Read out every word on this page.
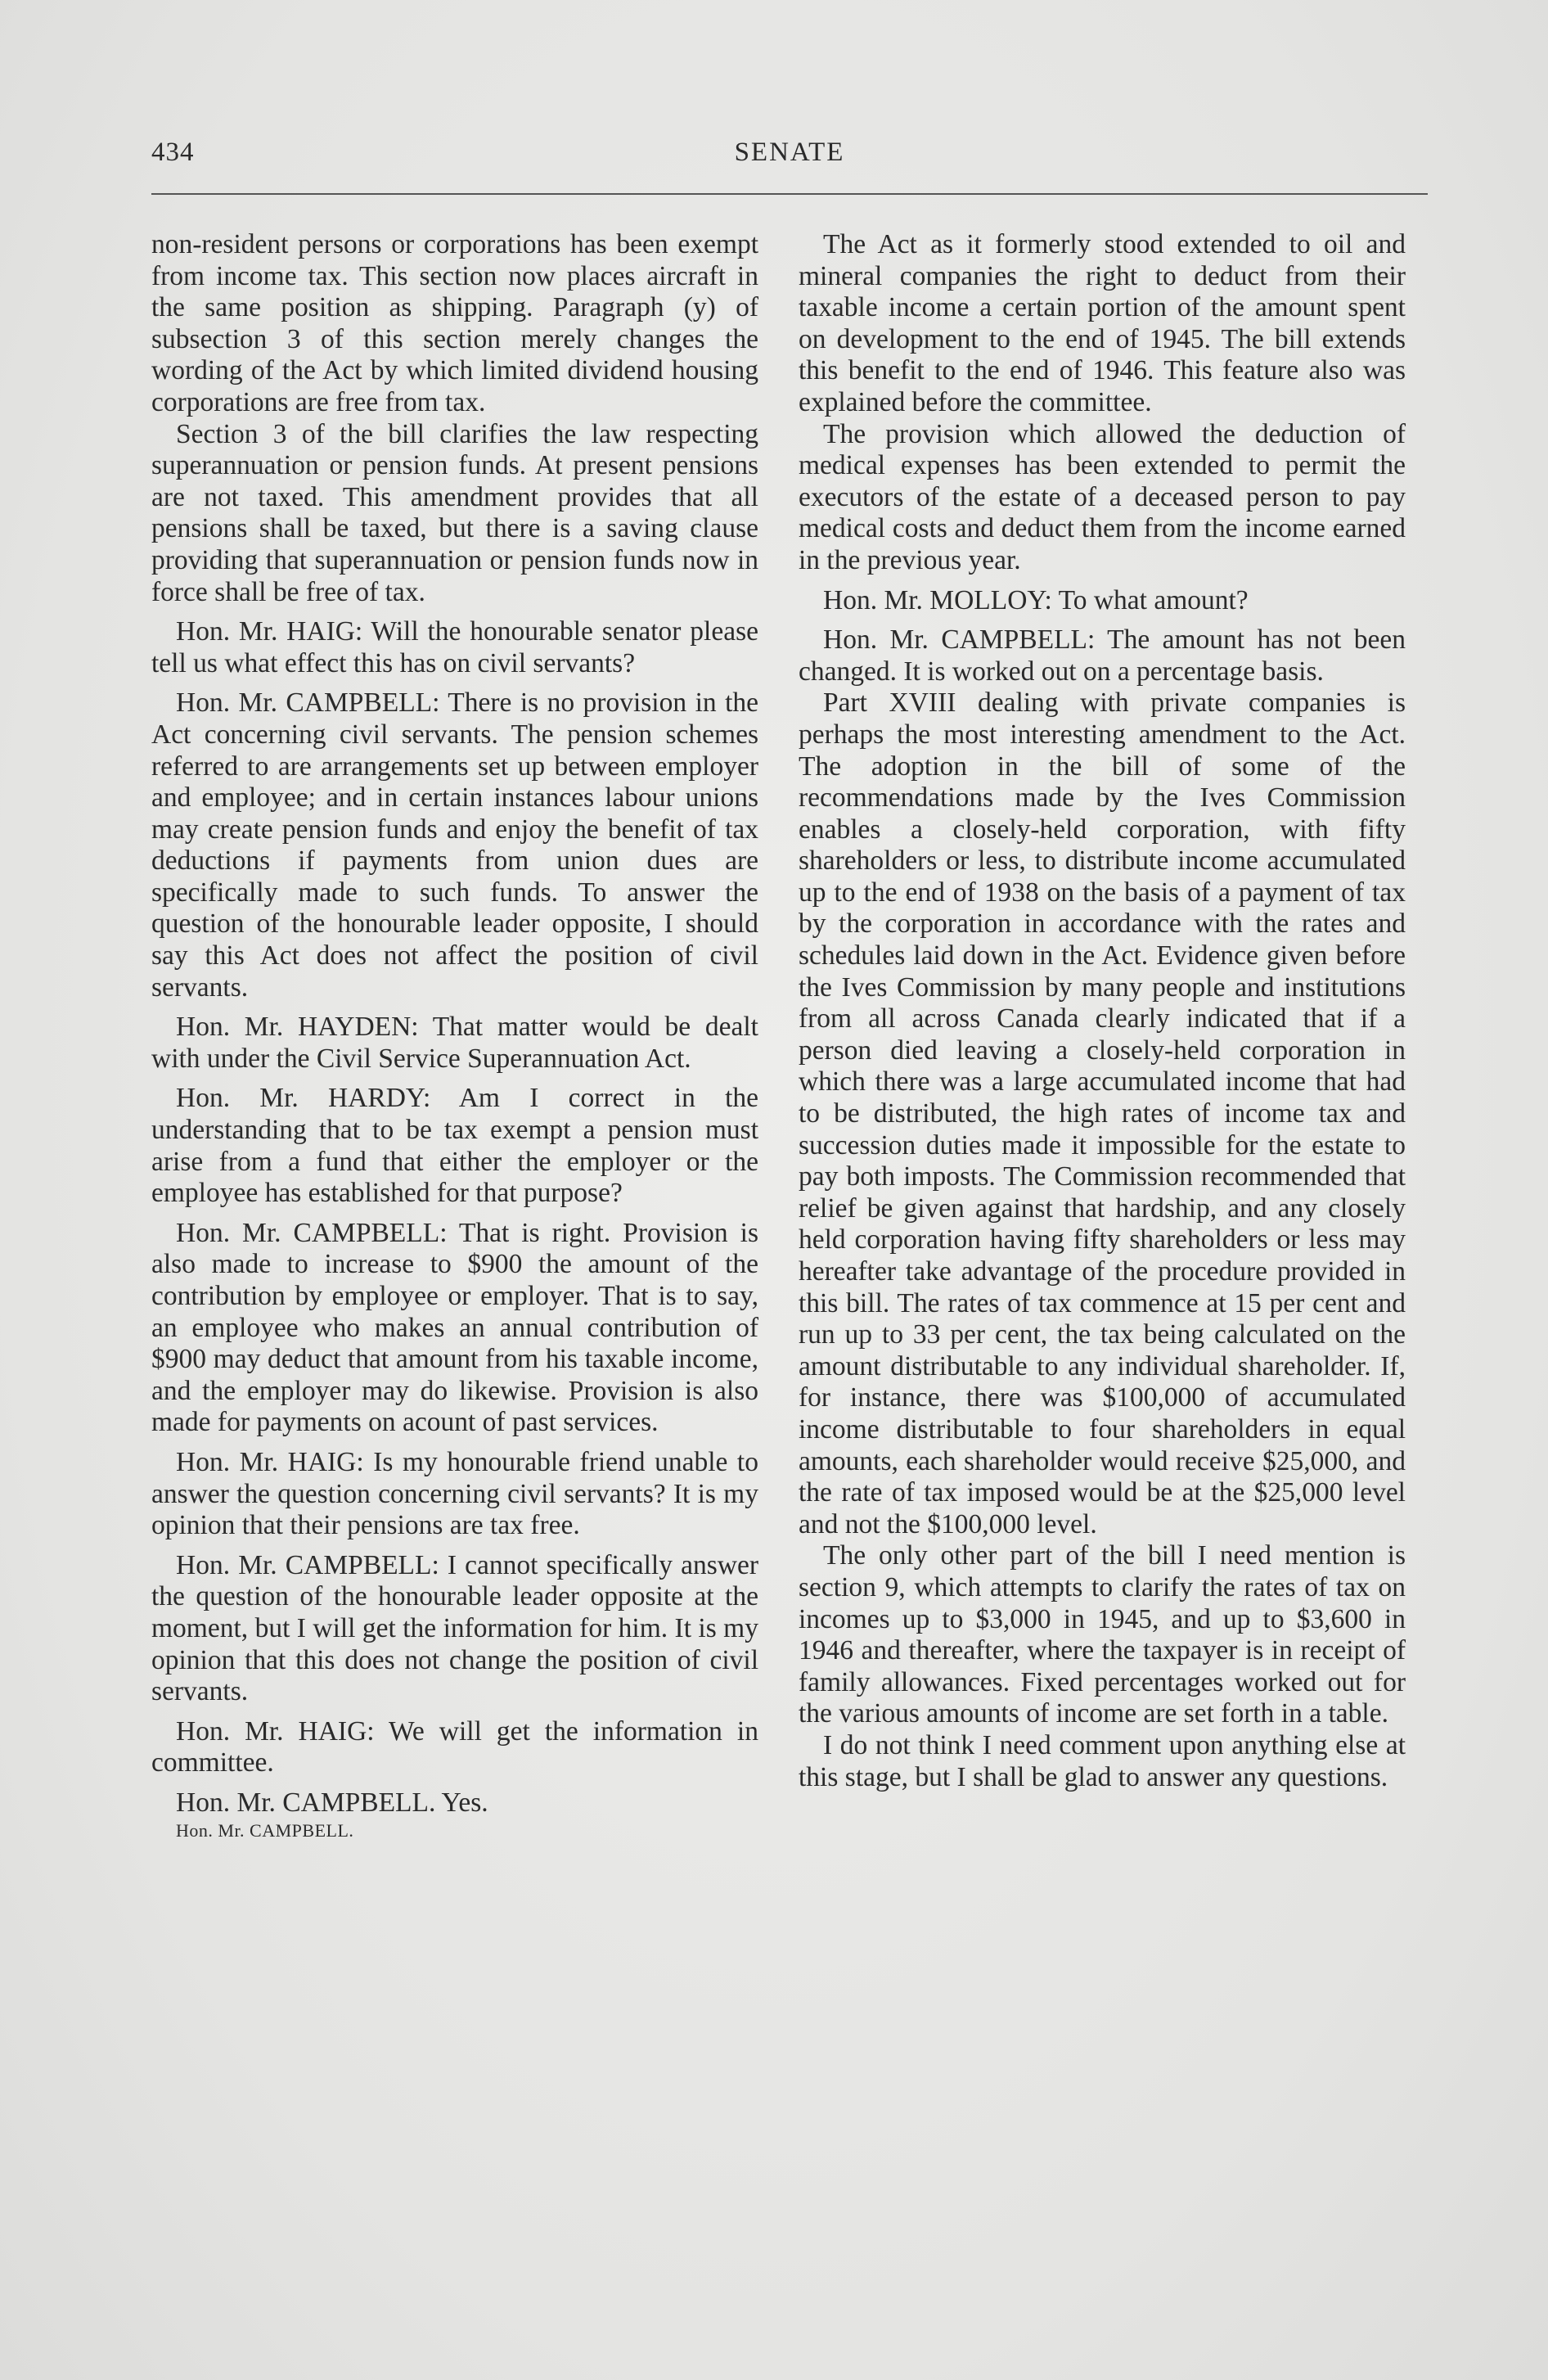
434	SENATE

non-resident persons or corporations has been exempt from income tax. This section now places aircraft in the same position as shipping. Paragraph (y) of subsection 3 of this section merely changes the wording of the Act by which limited dividend housing corporations are free from tax.

Section 3 of the bill clarifies the law respecting superannuation or pension funds. At present pensions are not taxed. This amendment provides that all pensions shall be taxed, but there is a saving clause providing that superannuation or pension funds now in force shall be free of tax.

Hon. Mr. HAIG: Will the honourable senator please tell us what effect this has on civil servants?

Hon. Mr. CAMPBELL: There is no provision in the Act concerning civil servants. The pension schemes referred to are arrangements set up between employer and employee; and in certain instances labour unions may create pension funds and enjoy the benefit of tax deductions if payments from union dues are specifically made to such funds. To answer the question of the honourable leader opposite, I should say this Act does not affect the position of civil servants.

Hon. Mr. HAYDEN: That matter would be dealt with under the Civil Service Superannuation Act.

Hon. Mr. HARDY: Am I correct in the understanding that to be tax exempt a pension must arise from a fund that either the employer or the employee has established for that purpose?

Hon. Mr. CAMPBELL: That is right. Provision is also made to increase to $900 the amount of the contribution by employee or employer. That is to say, an employee who makes an annual contribution of $900 may deduct that amount from his taxable income, and the employer may do likewise. Provision is also made for payments on acount of past services.

Hon. Mr. HAIG: Is my honourable friend unable to answer the question concerning civil servants? It is my opinion that their pensions are tax free.

Hon. Mr. CAMPBELL: I cannot specifically answer the question of the honourable leader opposite at the moment, but I will get the information for him. It is my opinion that this does not change the position of civil servants.

Hon. Mr. HAIG: We will get the information in committee.

Hon. Mr. CAMPBELL. Yes.

Hon. Mr. CAMPBELL.

The Act as it formerly stood extended to oil and mineral companies the right to deduct from their taxable income a certain portion of the amount spent on development to the end of 1945. The bill extends this benefit to the end of 1946. This feature also was explained before the committee.

The provision which allowed the deduction of medical expenses has been extended to permit the executors of the estate of a deceased person to pay medical costs and deduct them from the income earned in the previous year.

Hon. Mr. MOLLOY: To what amount?

Hon. Mr. CAMPBELL: The amount has not been changed. It is worked out on a percentage basis.

Part XVIII dealing with private companies is perhaps the most interesting amendment to the Act. The adoption in the bill of some of the recommendations made by the Ives Commission enables a closely-held corporation, with fifty shareholders or less, to distribute income accumulated up to the end of 1938 on the basis of a payment of tax by the corporation in accordance with the rates and schedules laid down in the Act. Evidence given before the Ives Commission by many people and institutions from all across Canada clearly indicated that if a person died leaving a closely-held corporation in which there was a large accumulated income that had to be distributed, the high rates of income tax and succession duties made it impossible for the estate to pay both imposts. The Commission recommended that relief be given against that hardship, and any closely held corporation having fifty shareholders or less may hereafter take advantage of the procedure provided in this bill. The rates of tax commence at 15 per cent and run up to 33 per cent, the tax being calculated on the amount distributable to any individual shareholder. If, for instance, there was $100,000 of accumulated income distributable to four shareholders in equal amounts, each shareholder would receive $25,000, and the rate of tax imposed would be at the $25,000 level and not the $100,000 level.

The only other part of the bill I need mention is section 9, which attempts to clarify the rates of tax on incomes up to $3,000 in 1945, and up to $3,600 in 1946 and thereafter, where the taxpayer is in receipt of family allowances. Fixed percentages worked out for the various amounts of income are set forth in a table.

I do not think I need comment upon anything else at this stage, but I shall be glad to answer any questions.
